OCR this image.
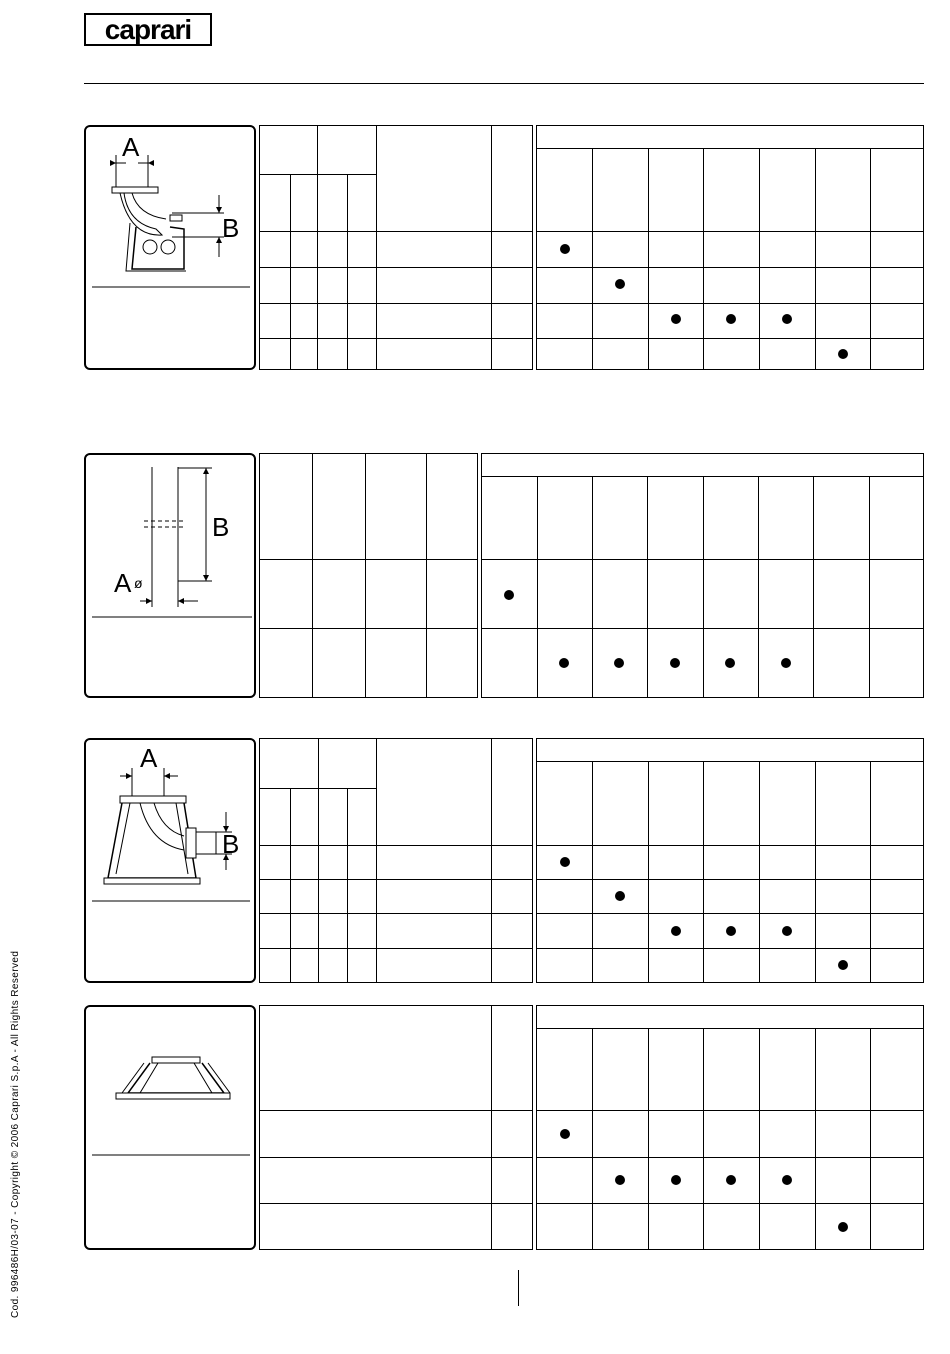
caprari
A
B
B
A ø
A
B
Cod. 996486H/03-07 - Copyright © 2006 Caprari S.p.A - All Rights Reserved
